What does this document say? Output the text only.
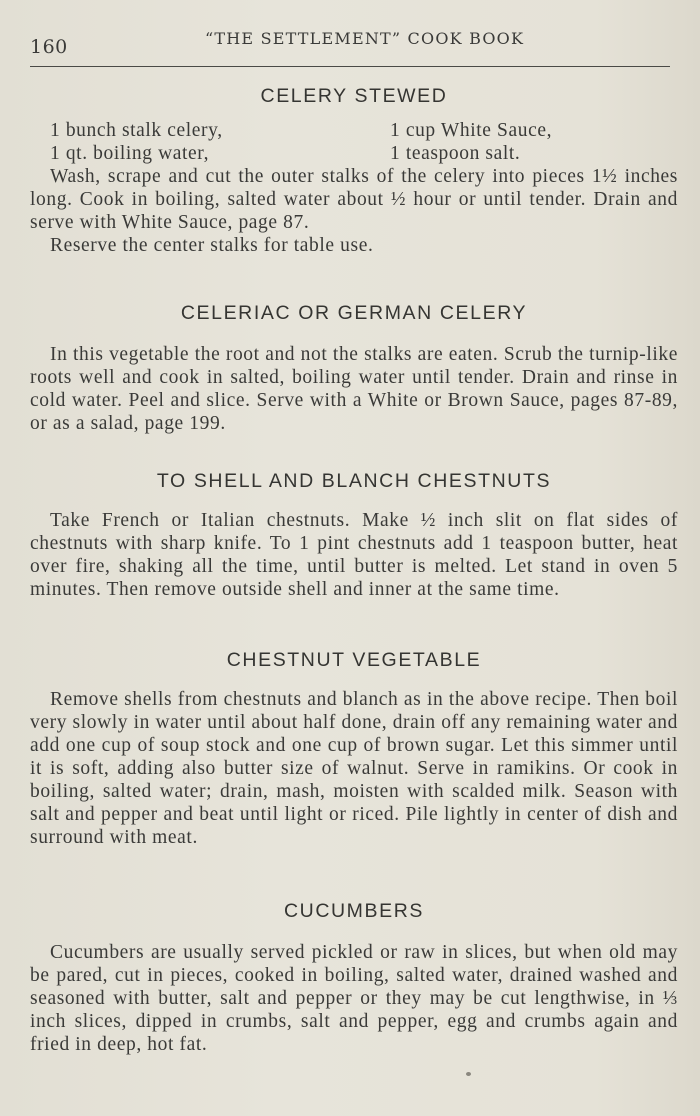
160	“THE SETTLEMENT” COOK BOOK
CELERY STEWED
1 bunch stalk celery,	1 cup White Sauce,
1 qt. boiling water,	1 teaspoon salt.

Wash, scrape and cut the outer stalks of the celery into pieces 1½ inches long. Cook in boiling, salted water about ½ hour or until tender. Drain and serve with White Sauce, page 87.

Reserve the center stalks for table use.

CELERIAC OR GERMAN CELERY

In this vegetable the root and not the stalks are eaten. Scrub the turnip-like roots well and cook in salted, boiling water until tender. Drain and rinse in cold water. Peel and slice. Serve with a White or Brown Sauce, pages 87-89, or as a salad, page 199.

TO SHELL AND BLANCH CHESTNUTS

Take French or Italian chestnuts. Make ½ inch slit on flat sides of chestnuts with sharp knife. To 1 pint chestnuts add 1 teaspoon butter, heat over fire, shaking all the time, until butter is melted. Let stand in oven 5 minutes. Then remove outside shell and inner at the same time.

CHESTNUT VEGETABLE

Remove shells from chestnuts and blanch as in the above recipe. Then boil very slowly in water until about half done, drain off any remaining water and add one cup of soup stock and one cup of brown sugar. Let this simmer until it is soft, adding also butter size of walnut. Serve in ramikins. Or cook in boiling, salted water; drain, mash, moisten with scalded milk. Season with salt and pepper and beat until light or riced. Pile lightly in center of dish and surround with meat.

CUCUMBERS

Cucumbers are usually served pickled or raw in slices, but when old may be pared, cut in pieces, cooked in boiling, salted water, drained washed and seasoned with butter, salt and pepper or they may be cut lengthwise, in ⅓ inch slices, dipped in crumbs, salt and pepper, egg and crumbs again and fried in deep, hot fat.
